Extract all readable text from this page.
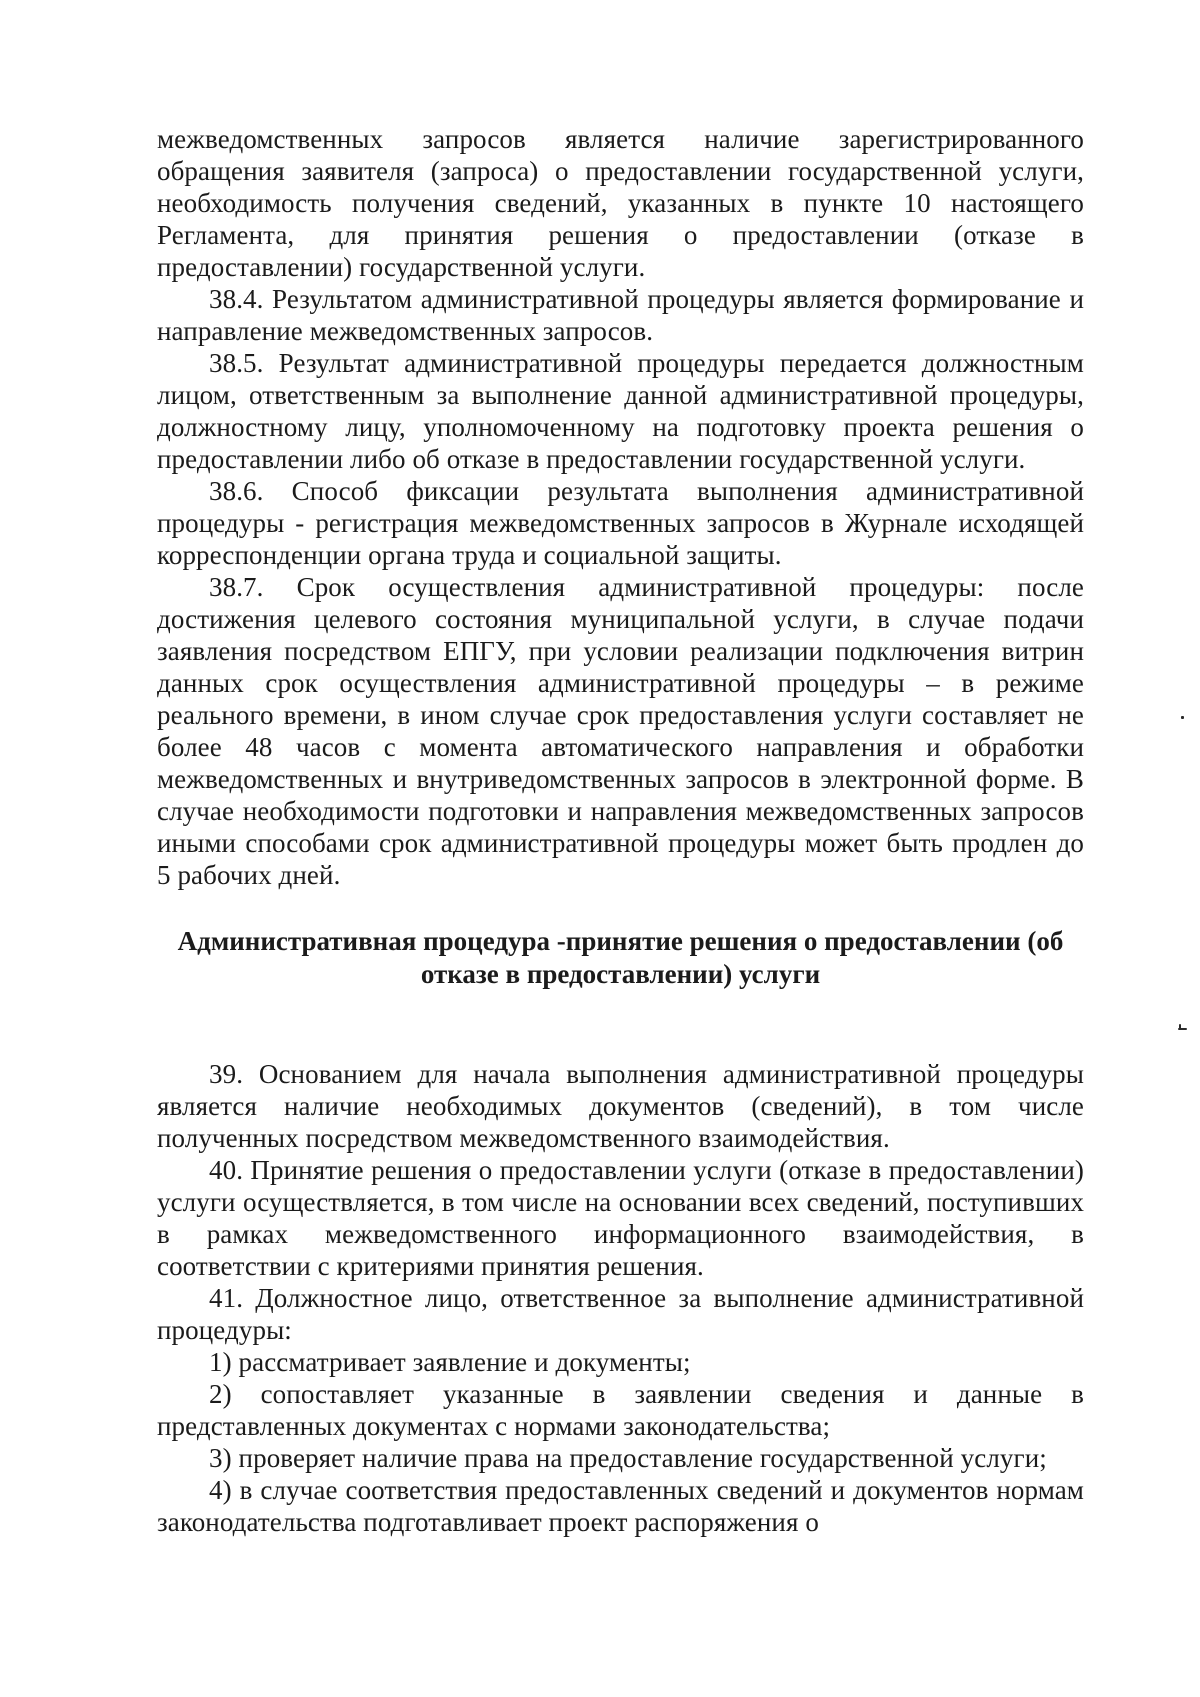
межведомственных запросов является наличие зарегистрированного обращения заявителя (запроса) о предоставлении государственной услуги, необходимость получения сведений, указанных в пункте 10 настоящего Регламента, для принятия решения о предоставлении (отказе в предоставлении) государственной услуги.

38.4. Результатом административной процедуры является формирование и направление межведомственных запросов.

38.5. Результат административной процедуры передается должностным лицом, ответственным за выполнение данной административной процедуры, должностному лицу, уполномоченному на подготовку проекта решения о предоставлении либо об отказе в предоставлении государственной услуги.

38.6. Способ фиксации результата выполнения административной процедуры - регистрация межведомственных запросов в Журнале исходящей корреспонденции органа труда и социальной защиты.

38.7. Срок осуществления административной процедуры: после достижения целевого состояния муниципальной услуги, в случае подачи заявления посредством ЕПГУ, при условии реализации подключения витрин данных срок осуществления административной процедуры – в режиме реального времени, в ином случае срок предоставления услуги составляет не более 48 часов с момента автоматического направления и обработки межведомственных и внутриведомственных запросов в электронной форме. В случае необходимости подготовки и направления межведомственных запросов иными способами срок административной процедуры может быть продлен до 5 рабочих дней.

Административная процедура -принятие решения о предоставлении (об
отказе в предоставлении) услуги

39. Основанием для начала выполнения административной процедуры является наличие необходимых документов (сведений), в том числе полученных посредством межведомственного взаимодействия.

40. Принятие решения о предоставлении услуги (отказе в предоставлении) услуги осуществляется, в том числе на основании всех сведений, поступивших в рамках межведомственного информационного взаимодействия, в соответствии с критериями принятия решения.

41. Должностное лицо, ответственное за выполнение административной процедуры:

1) рассматривает заявление и документы;

2) сопоставляет указанные в заявлении сведения и данные в представленных документах с нормами законодательства;

3) проверяет наличие права на предоставление государственной услуги;

4) в случае соответствия предоставленных сведений и документов нормам законодательства подготавливает проект распоряжения о
